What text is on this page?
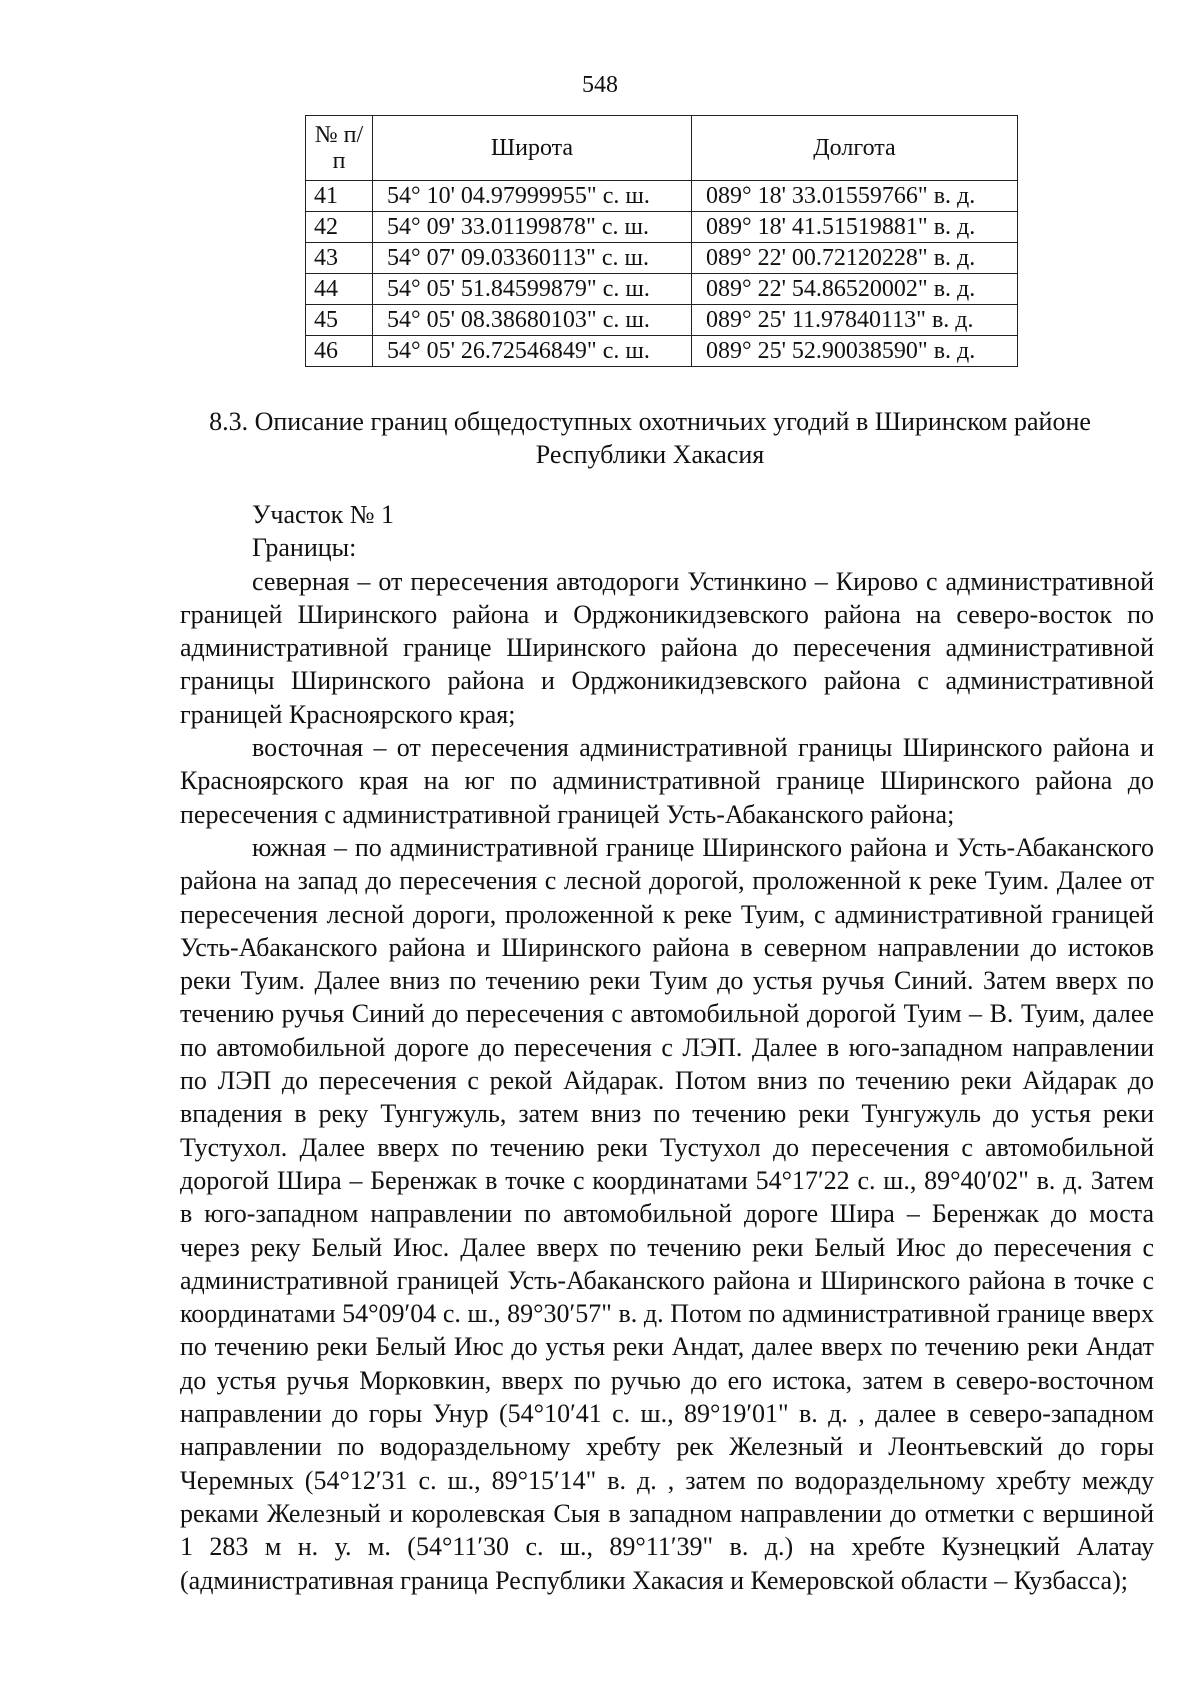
548
№ п/п	Широта	Долгота
41	54° 10' 04.97999955" с. ш.	089° 18' 33.01559766" в. д.
42	54° 09' 33.01199878" с. ш.	089° 18' 41.51519881" в. д.
43	54° 07' 09.03360113" с. ш.	089° 22' 00.72120228" в. д.
44	54° 05' 51.84599879" с. ш.	089° 22' 54.86520002" в. д.
45	54° 05' 08.38680103" с. ш.	089° 25' 11.97840113" в. д.
46	54° 05' 26.72546849" с. ш.	089° 25' 52.90038590" в. д.
8.3. Описание границ общедоступных охотничьих угодий в Ширинском районе Республики Хакасия

Участок № 1

Границы:

северная – от пересечения автодороги Устинкино – Кирово с административной границей Ширинского района и Орджоникидзевского района на северо-восток по административной границе Ширинского района до пересечения административной границы Ширинского района и Орджоникидзевского района с административной границей Красноярского края;

восточная – от пересечения административной границы Ширинского района и Красноярского края на юг по административной границе Ширинского района до пересечения с административной границей Усть-Абаканского района;

южная – по административной границе Ширинского района и Усть-Абаканского района на запад до пересечения с лесной дорогой, проложенной к реке Туим. Далее от пересечения лесной дороги, проложенной к реке Туим, с административной границей Усть-Абаканского района и Ширинского района в северном направлении до истоков реки Туим. Далее вниз по течению реки Туим до устья ручья Синий. Затем вверх по течению ручья Синий до пересечения с автомобильной дорогой Туим – В. Туим, далее по автомобильной дороге до пересечения с ЛЭП. Далее в юго-западном направлении по ЛЭП до пересечения с рекой Айдарак. Потом вниз по течению реки Айдарак до впадения в реку Тунгужуль, затем вниз по течению реки Тунгужуль до устья реки Тустухол. Далее вверх по течению реки Тустухол до пересечения с автомобильной дорогой Шира – Беренжак в точке с координатами 54°17′22 с. ш., 89°40′02" в. д. Затем в юго-западном направлении по автомобильной дороге Шира – Беренжак до моста через реку Белый Июс. Далее вверх по течению реки Белый Июс до пересечения с административной границей Усть-Абаканского района и Ширинского района в точке с координатами 54°09′04 с. ш., 89°30′57" в. д. Потом по административной границе вверх по течению реки Белый Июс до устья реки Андат, далее вверх по течению реки Андат до устья ручья Морковкин, вверх по ручью до его истока, затем в северо-восточном направлении до горы Унур (54°10′41 с. ш., 89°19′01" в. д. , далее в северо-западном направлении по водораздельному хребту рек Железный и Леонтьевский до горы Черемных (54°12′31 с. ш., 89°15′14" в. д. , затем по водораздельному хребту между реками Железный и королевская Сыя в западном направлении до отметки с вершиной 1 283 м н. у. м. (54°11′30 с. ш., 89°11′39" в. д.) на хребте Кузнецкий Алатау (административная граница Республики Хакасия и Кемеровской области – Кузбасса);
